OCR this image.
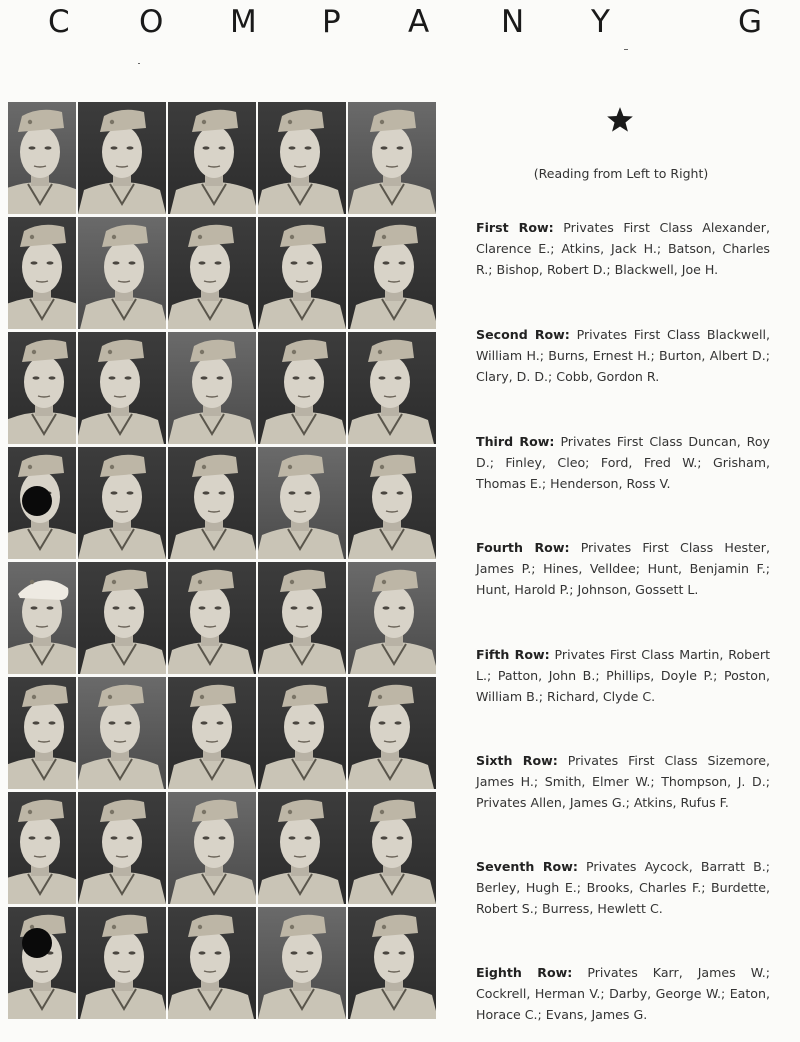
C O M P A N Y	G
(Reading from Left to Right)
First Row: Privates First Class Alexander, Clarence E.; Atkins, Jack H.; Batson, Charles R.; Bishop, Robert D.; Blackwell, Joe H.
Second Row: Privates First Class Blackwell, William H.; Burns, Ernest H.; Burton, Albert D.; Clary, D. D.; Cobb, Gordon R.
Third Row: Privates First Class Duncan, Roy D.; Finley, Cleo; Ford, Fred W.; Grisham, Thomas E.; Henderson, Ross V.
Fourth Row: Privates First Class Hester, James P.; Hines, Velldee; Hunt, Benjamin F.; Hunt, Harold P.; Johnson, Gossett L.
Fifth Row: Privates First Class Martin, Robert L.; Patton, John B.; Phillips, Doyle P.; Poston, William B.; Richard, Clyde C.
Sixth Row: Privates First Class Sizemore, James H.; Smith, Elmer W.; Thompson, J. D.; Privates Allen, James G.; Atkins, Rufus F.
Seventh Row: Privates Aycock, Barratt B.; Berley, Hugh E.; Brooks, Charles F.; Burdette, Robert S.; Burress, Hewlett C.
Eighth Row: Privates Karr, James W.; Cockrell, Herman V.; Darby, George W.; Eaton, Horace C.; Evans, James G.
